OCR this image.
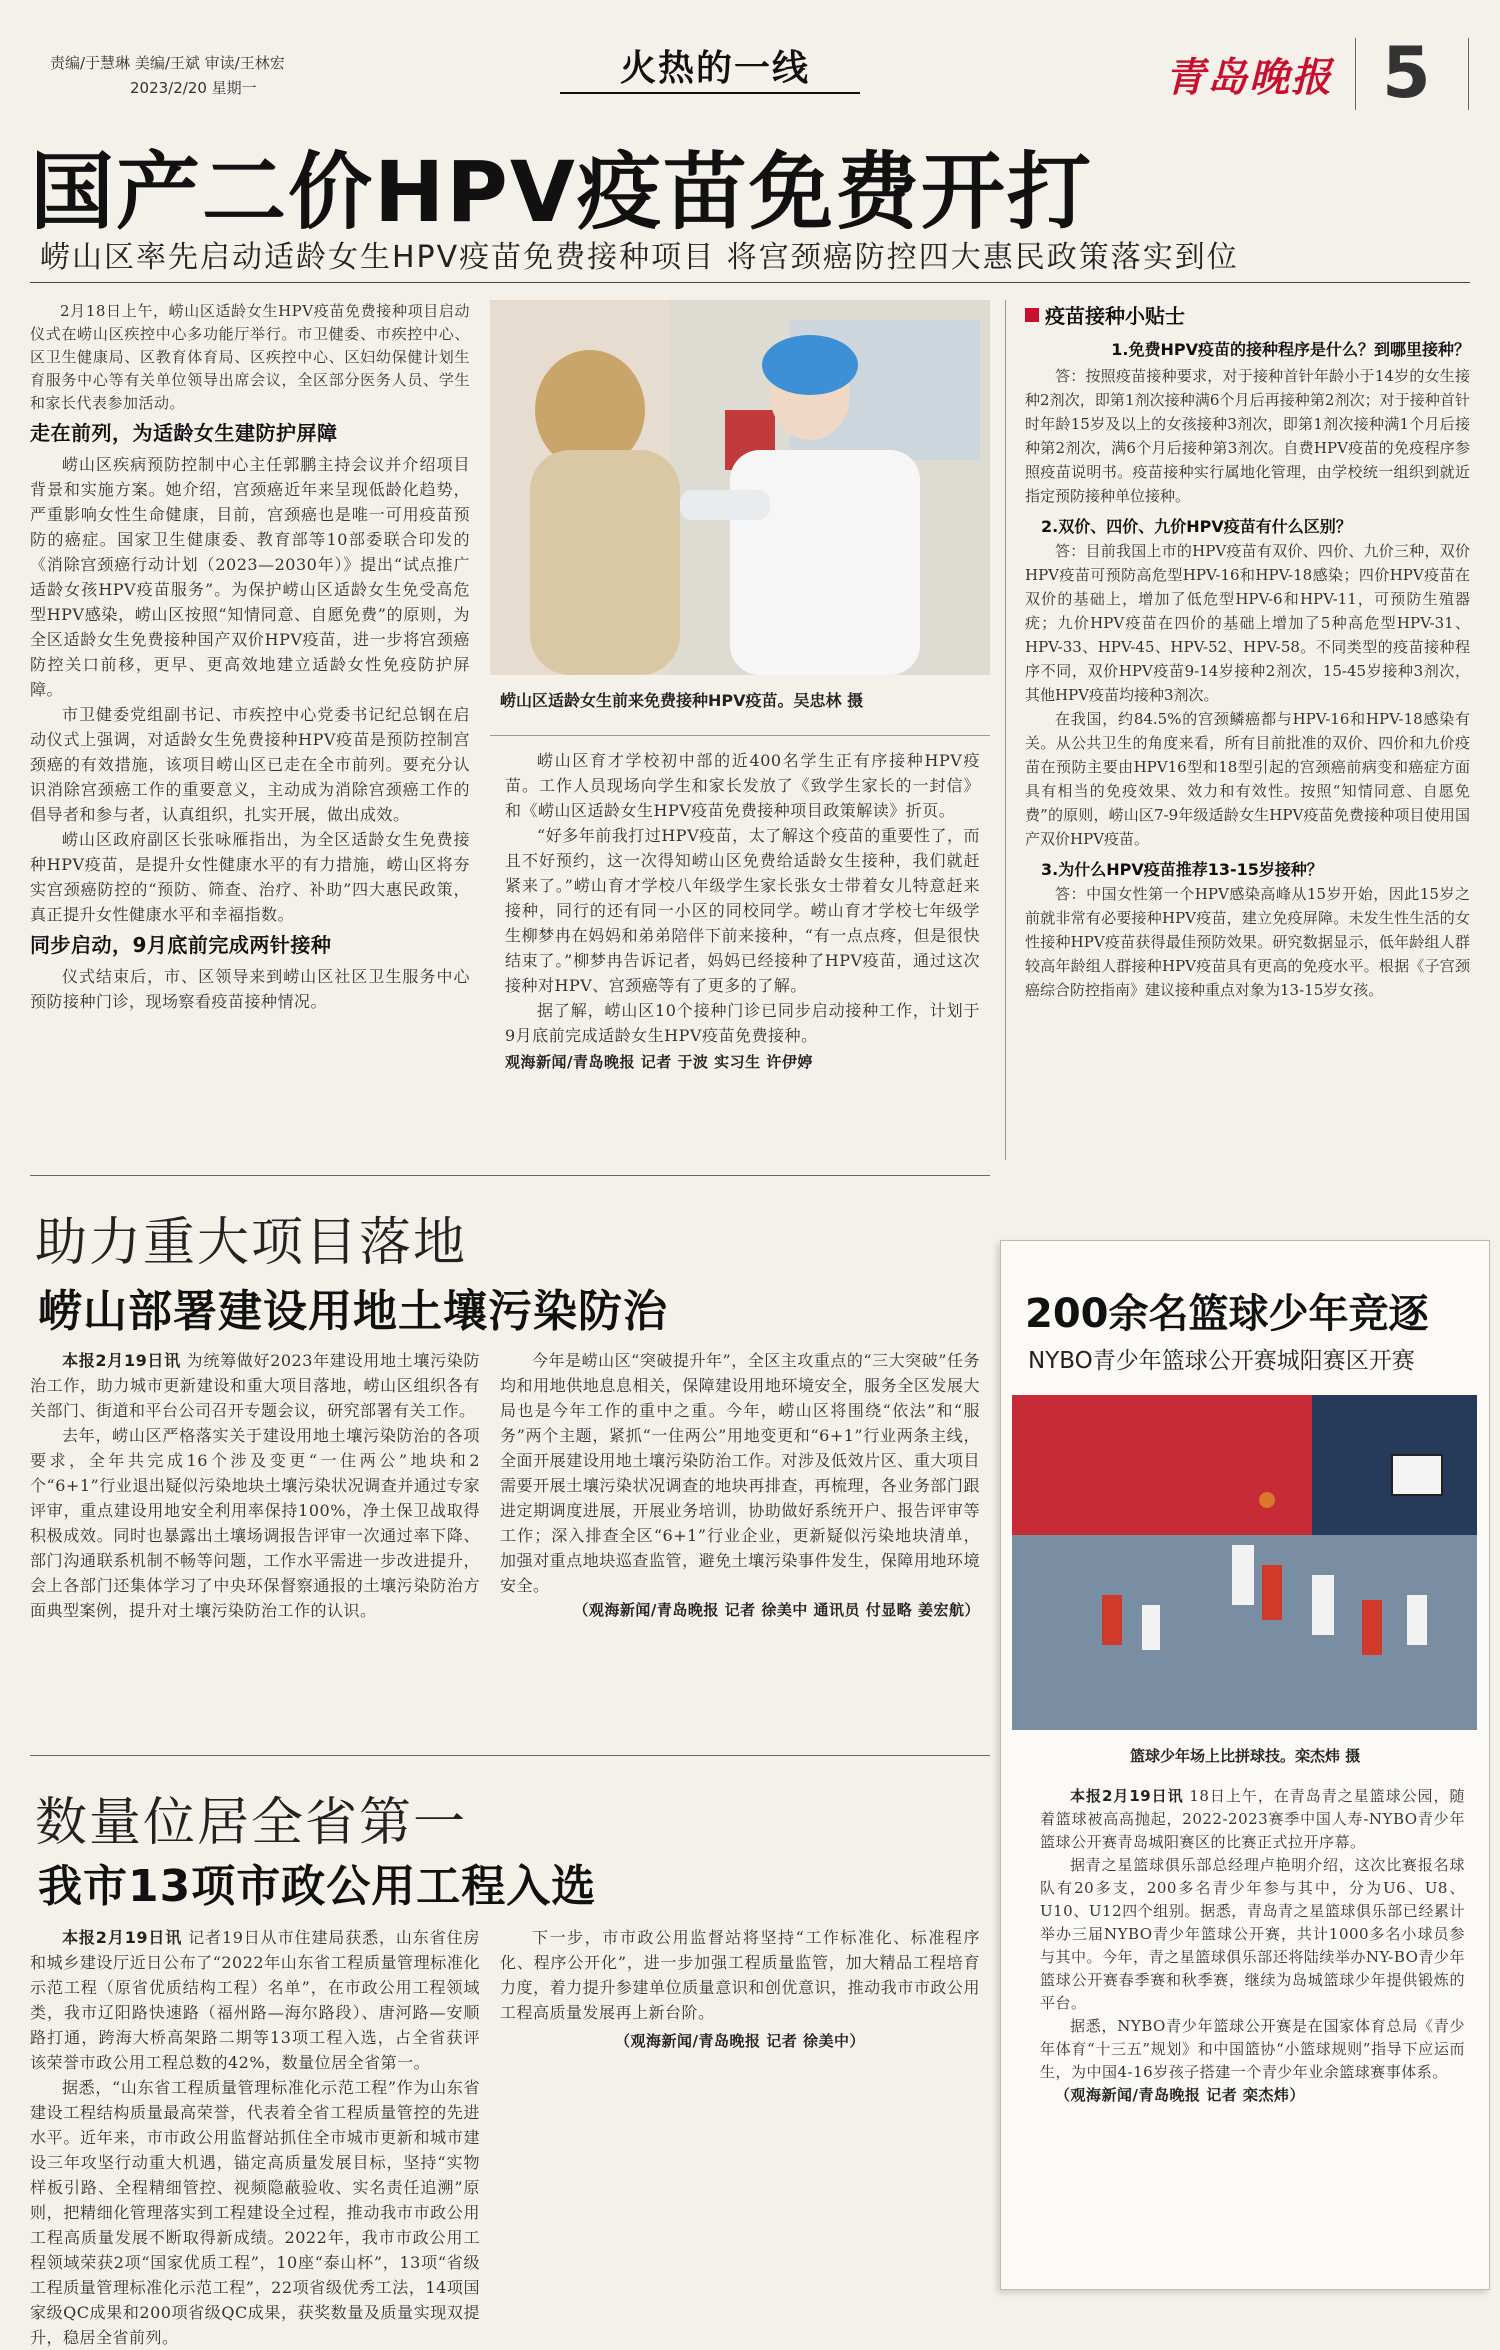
责编/于慧琳 美编/王斌 审读/王林宏
2023/2/20 星期一	火热的一线	青岛晚报 5
国产二价HPV疫苗免费开打
崂山区率先启动适龄女生HPV疫苗免费接种项目 将宫颈癌防控四大惠民政策落实到位

2月18日上午，崂山区适龄女生HPV疫苗免费接种项目启动仪式在崂山区疾控中心多功能厅举行。市卫健委、市疾控中心、区卫生健康局、区教育体育局、区疾控中心、区妇幼保健计划生育服务中心等有关单位领导出席会议，全区部分医务人员、学生和家长代表参加活动。

走在前列，为适龄女生建防护屏障

崂山区疾病预防控制中心主任郭鹏主持会议并介绍项目背景和实施方案。她介绍，宫颈癌近年来呈现低龄化趋势，严重影响女性生命健康，目前，宫颈癌也是唯一可用疫苗预防的癌症。国家卫生健康委、教育部等10部委联合印发的《消除宫颈癌行动计划（2023—2030年）》提出“试点推广适龄女孩HPV疫苗服务”。为保护崂山区适龄女生免受高危型HPV感染，崂山区按照“知情同意、自愿免费”的原则，为全区适龄女生免费接种国产双价HPV疫苗，进一步将宫颈癌防控关口前移，更早、更高效地建立适龄女性免疫防护屏障。

市卫健委党组副书记、市疾控中心党委书记纪总钢在启动仪式上强调，对适龄女生免费接种HPV疫苗是预防控制宫颈癌的有效措施，该项目崂山区已走在全市前列。要充分认识消除宫颈癌工作的重要意义，主动成为消除宫颈癌工作的倡导者和参与者，认真组织，扎实开展，做出成效。

崂山区政府副区长张咏雁指出，为全区适龄女生免费接种HPV疫苗，是提升女性健康水平的有力措施，崂山区将夯实宫颈癌防控的“预防、筛查、治疗、补助”四大惠民政策，真正提升女性健康水平和幸福指数。

同步启动，9月底前完成两针接种

仪式结束后，市、区领导来到崂山区社区卫生服务中心预防接种门诊，现场察看疫苗接种情况。

崂山区适龄女生前来免费接种HPV疫苗。吴忠林 摄

崂山区育才学校初中部的近400名学生正有序接种HPV疫苗。工作人员现场向学生和家长发放了《致学生家长的一封信》和《崂山区适龄女生HPV疫苗免费接种项目政策解读》折页。

“好多年前我打过HPV疫苗，太了解这个疫苗的重要性了，而且不好预约，这一次得知崂山区免费给适龄女生接种，我们就赶紧来了。”崂山育才学校八年级学生家长张女士带着女儿特意赶来接种，同行的还有同一小区的同校同学。崂山育才学校七年级学生柳梦冉在妈妈和弟弟陪伴下前来接种，“有一点点疼，但是很快结束了。”柳梦冉告诉记者，妈妈已经接种了HPV疫苗，通过这次接种对HPV、宫颈癌等有了更多的了解。

据了解，崂山区10个接种门诊已同步启动接种工作，计划于9月底前完成适龄女生HPV疫苗免费接种。

观海新闻/青岛晚报 记者 于波 实习生 许伊婷
疫苗接种小贴士
1.免费HPV疫苗的接种程序是什么？到哪里接种？
答：按照疫苗接种要求，对于接种首针年龄小于14岁的女生接种2剂次，即第1剂次接种满6个月后再接种第2剂次；对于接种首针时年龄15岁及以上的女孩接种3剂次，即第1剂次接种满1个月后接种第2剂次，满6个月后接种第3剂次。自费HPV疫苗的免疫程序参照疫苗说明书。疫苗接种实行属地化管理，由学校统一组织到就近指定预防接种单位接种。
2.双价、四价、九价HPV疫苗有什么区别？
答：目前我国上市的HPV疫苗有双价、四价、九价三种，双价HPV疫苗可预防高危型HPV-16和HPV-18感染；四价HPV疫苗在双价的基础上，增加了低危型HPV-6和HPV-11，可预防生殖器疣；九价HPV疫苗在四价的基础上增加了5种高危型HPV-31、HPV-33、HPV-45、HPV-52、HPV-58。不同类型的疫苗接种程序不同，双价HPV疫苗9-14岁接种2剂次，15-45岁接种3剂次，其他HPV疫苗均接种3剂次。
在我国，约84.5%的宫颈鳞癌都与HPV-16和HPV-18感染有关。从公共卫生的角度来看，所有目前批准的双价、四价和九价疫苗在预防主要由HPV16型和18型引起的宫颈癌前病变和癌症方面具有相当的免疫效果、效力和有效性。按照“知情同意、自愿免费”的原则，崂山区7-9年级适龄女生HPV疫苗免费接种项目使用国产双价HPV疫苗。
3.为什么HPV疫苗推荐13-15岁接种？
答：中国女性第一个HPV感染高峰从15岁开始，因此15岁之前就非常有必要接种HPV疫苗，建立免疫屏障。未发生性生活的女性接种HPV疫苗获得最佳预防效果。研究数据显示，低年龄组人群较高年龄组人群接种HPV疫苗具有更高的免疫水平。根据《子宫颈癌综合防控指南》建议接种重点对象为13-15岁女孩。
助力重大项目落地
崂山部署建设用地土壤污染防治

本报2月19日讯 为统筹做好2023年建设用地土壤污染防治工作，助力城市更新建设和重大项目落地，崂山区组织各有关部门、街道和平台公司召开专题会议，研究部署有关工作。

去年，崂山区严格落实关于建设用地土壤污染防治的各项要求，全年共完成16个涉及变更“一住两公”地块和2个“6+1”行业退出疑似污染地块土壤污染状况调查并通过专家评审，重点建设用地安全利用率保持100%，净土保卫战取得积极成效。同时也暴露出土壤场调报告评审一次通过率下降、部门沟通联系机制不畅等问题，工作水平需进一步改进提升，会上各部门还集体学习了中央环保督察通报的土壤污染防治方面典型案例，提升对土壤污染防治工作的认识。

今年是崂山区“突破提升年”，全区主攻重点的“三大突破”任务均和用地供地息息相关，保障建设用地环境安全，服务全区发展大局也是今年工作的重中之重。今年，崂山区将围绕“依法”和“服务”两个主题，紧抓“一住两公”用地变更和“6+1”行业两条主线，全面开展建设用地土壤污染防治工作。对涉及低效片区、重大项目需要开展土壤污染状况调查的地块再排查，再梳理，各业务部门跟进定期调度进展，开展业务培训，协助做好系统开户、报告评审等工作；深入排查全区“6+1”行业企业，更新疑似污染地块清单，加强对重点地块巡查监管，避免土壤污染事件发生，保障用地环境安全。

（观海新闻/青岛晚报 记者 徐美中 通讯员 付显略 姜宏航）
数量位居全省第一
我市13项市政公用工程入选

本报2月19日讯 记者19日从市住建局获悉，山东省住房和城乡建设厅近日公布了“2022年山东省工程质量管理标准化示范工程（原省优质结构工程）名单”，在市政公用工程领域类，我市辽阳路快速路（福州路—海尔路段）、唐河路—安顺路打通，跨海大桥高架路二期等13项工程入选，占全省获评该荣誉市政公用工程总数的42%，数量位居全省第一。

据悉，“山东省工程质量管理标准化示范工程”作为山东省建设工程结构质量最高荣誉，代表着全省工程质量管控的先进水平。近年来，市市政公用监督站抓住全市城市更新和城市建设三年攻坚行动重大机遇，锚定高质量发展目标，坚持“实物样板引路、全程精细管控、视频隐蔽验收、实名责任追溯”原则，把精细化管理落实到工程建设全过程，推动我市市政公用工程高质量发展不断取得新成绩。2022年，我市市政公用工程领域荣获2项“国家优质工程”，10座“泰山杯”，13项“省级工程质量管理标准化示范工程”，22项省级优秀工法，14项国家级QC成果和200项省级QC成果，获奖数量及质量实现双提升，稳居全省前列。

下一步，市市政公用监督站将坚持“工作标准化、标准程序化、程序公开化”，进一步加强工程质量监管，加大精品工程培育力度，着力提升参建单位质量意识和创优意识，推动我市市政公用工程高质量发展再上新台阶。

（观海新闻/青岛晚报 记者 徐美中）
200余名篮球少年竞逐
NYBO青少年篮球公开赛城阳赛区开赛
篮球少年场上比拼球技。栾杰炜 摄

本报2月19日讯 18日上午，在青岛青之星篮球公园，随着篮球被高高抛起，2022-2023赛季中国人寿-NYBO青少年篮球公开赛青岛城阳赛区的比赛正式拉开序幕。

据青之星篮球俱乐部总经理卢艳明介绍，这次比赛报名球队有20多支，200多名青少年参与其中，分为U6、U8、U10、U12四个组别。据悉，青岛青之星篮球俱乐部已经累计举办三届NYBO青少年篮球公开赛，共计1000多名小球员参与其中。今年，青之星篮球俱乐部还将陆续举办NY-BO青少年篮球公开赛春季赛和秋季赛，继续为岛城篮球少年提供锻炼的平台。

据悉，NYBO青少年篮球公开赛是在国家体育总局《青少年体育“十三五”规划》和中国篮协“小篮球规则”指导下应运而生，为中国4-16岁孩子搭建一个青少年业余篮球赛事体系。

（观海新闻/青岛晚报 记者 栾杰炜）
